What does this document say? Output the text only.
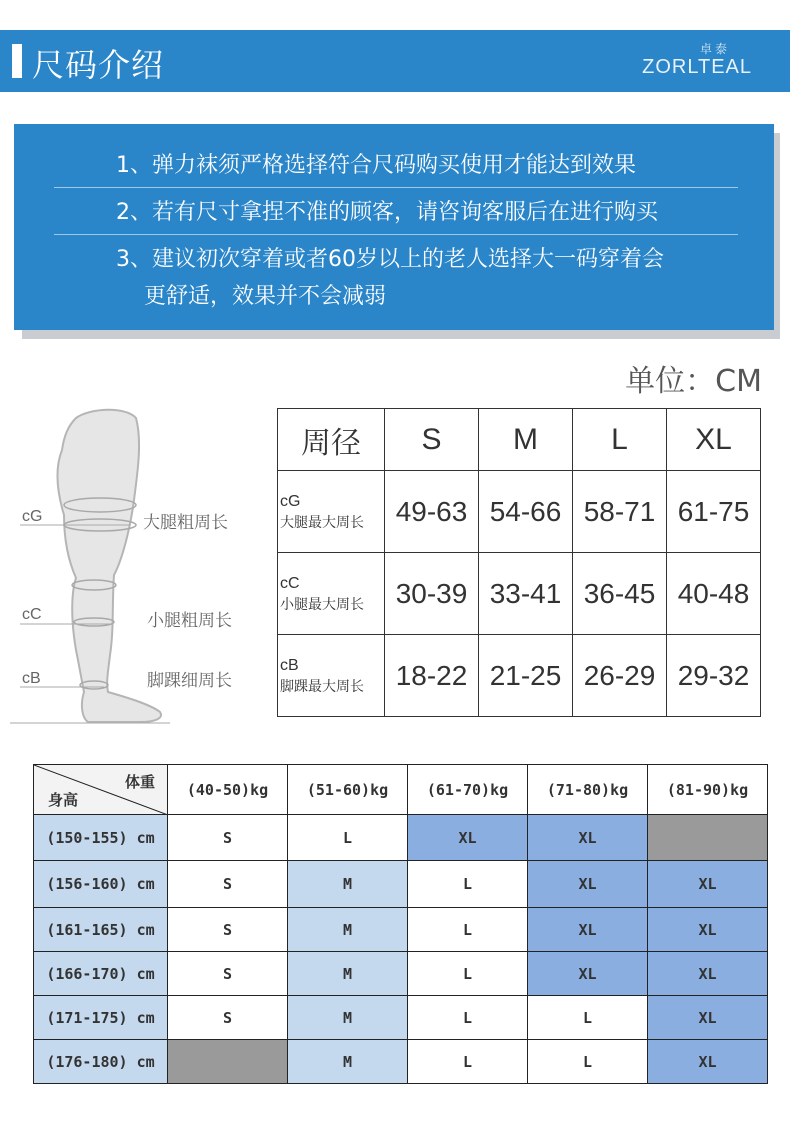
尺码介绍	卓泰
ZORLTEAL
1、弹力袜须严格选择符合尺码购买使用才能达到效果
2、若有尺寸拿捏不准的顾客，请咨询客服后在进行购买
3、建议初次穿着或者60岁以上的老人选择大一码穿着会
更舒适，效果并不会减弱
单位：CM
cG	大腿粗周长
cC	小腿粗周长
cB	脚踝细周长
周径	S	M	L	XL

cG
大腿最大周长	49-63	54-66	58-71	61-75

cC
小腿最大周长	30-39	33-41	36-45	40-48

cB
脚踝最大周长	18-22	21-25	26-29	29-32
体重
身高	(40-50)kg	(51-60)kg	(61-70)kg	(71-80)kg	(81-90)kg
(150-155) cm	S	L	XL	XL	
(156-160) cm	S	M	L	XL	XL
(161-165) cm	S	M	L	XL	XL
(166-170) cm	S	M	L	XL	XL
(171-175) cm	S	M	L	L	XL
(176-180) cm		M	L	L	XL
